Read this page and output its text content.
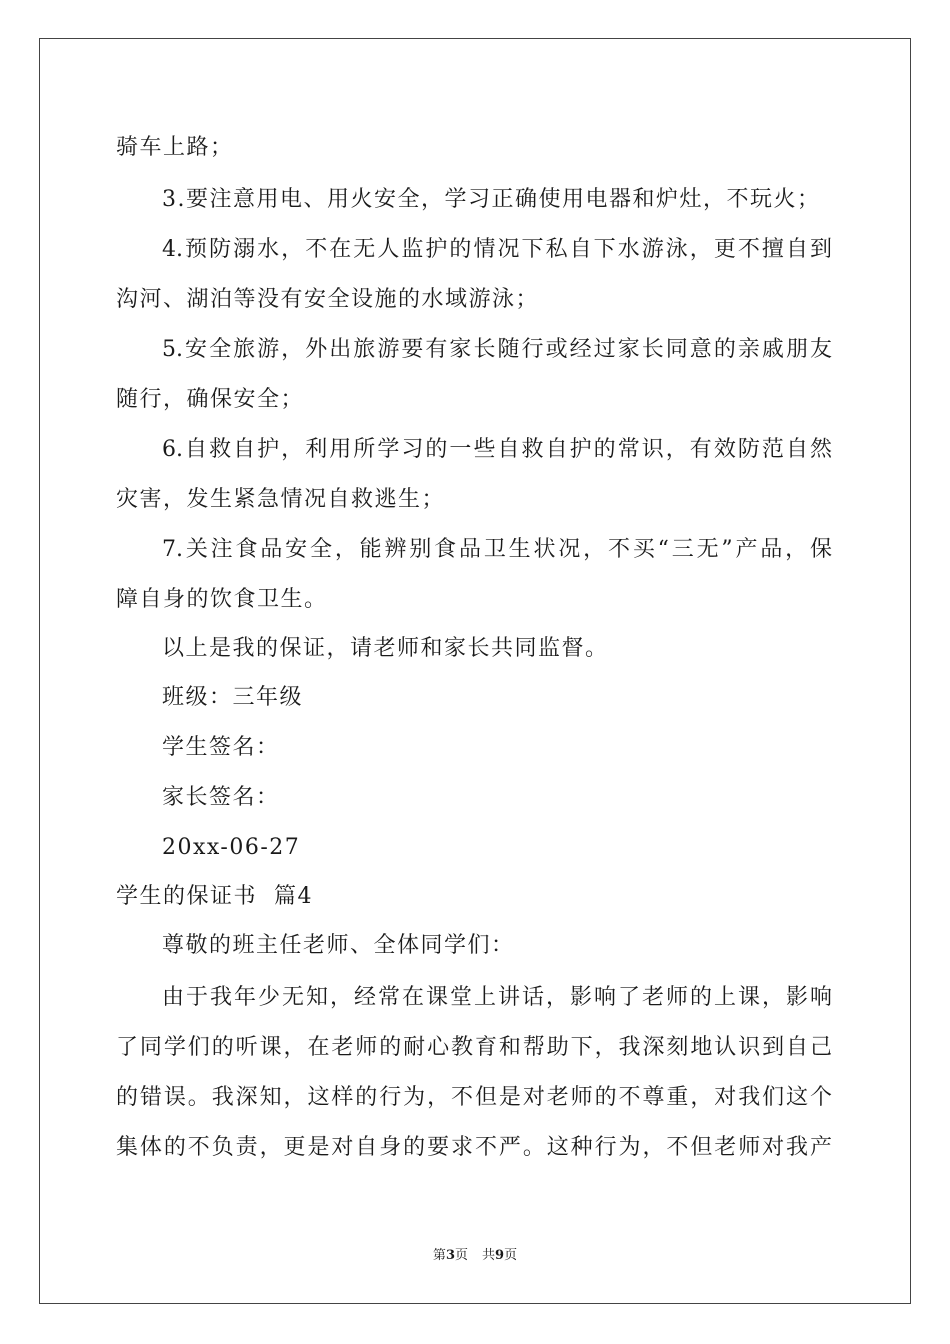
骑车上路；
3.要注意用电、用火安全，学习正确使用电器和炉灶，不玩火；
4.预防溺水，不在无人监护的情况下私自下水游泳，更不擅自到
沟河、湖泊等没有安全设施的水域游泳；
5.安全旅游，外出旅游要有家长随行或经过家长同意的亲戚朋友
随行，确保安全；
6.自救自护，利用所学习的一些自救自护的常识，有效防范自然
灾害，发生紧急情况自救逃生；
7.关注食品安全，能辨别食品卫生状况，不买“三无”产品，保
障自身的饮食卫生。
以上是我的保证，请老师和家长共同监督。
班级：三年级
学生签名：
家长签名：
20xx-06-27
学生的保证书  篇4
尊敬的班主任老师、全体同学们：
由于我年少无知，经常在课堂上讲话，影响了老师的上课，影响
了同学们的听课，在老师的耐心教育和帮助下，我深刻地认识到自己
的错误。我深知，这样的行为，不但是对老师的不尊重，对我们这个
集体的不负责，更是对自身的要求不严。这种行为，不但老师对我产
第3页 共9页
